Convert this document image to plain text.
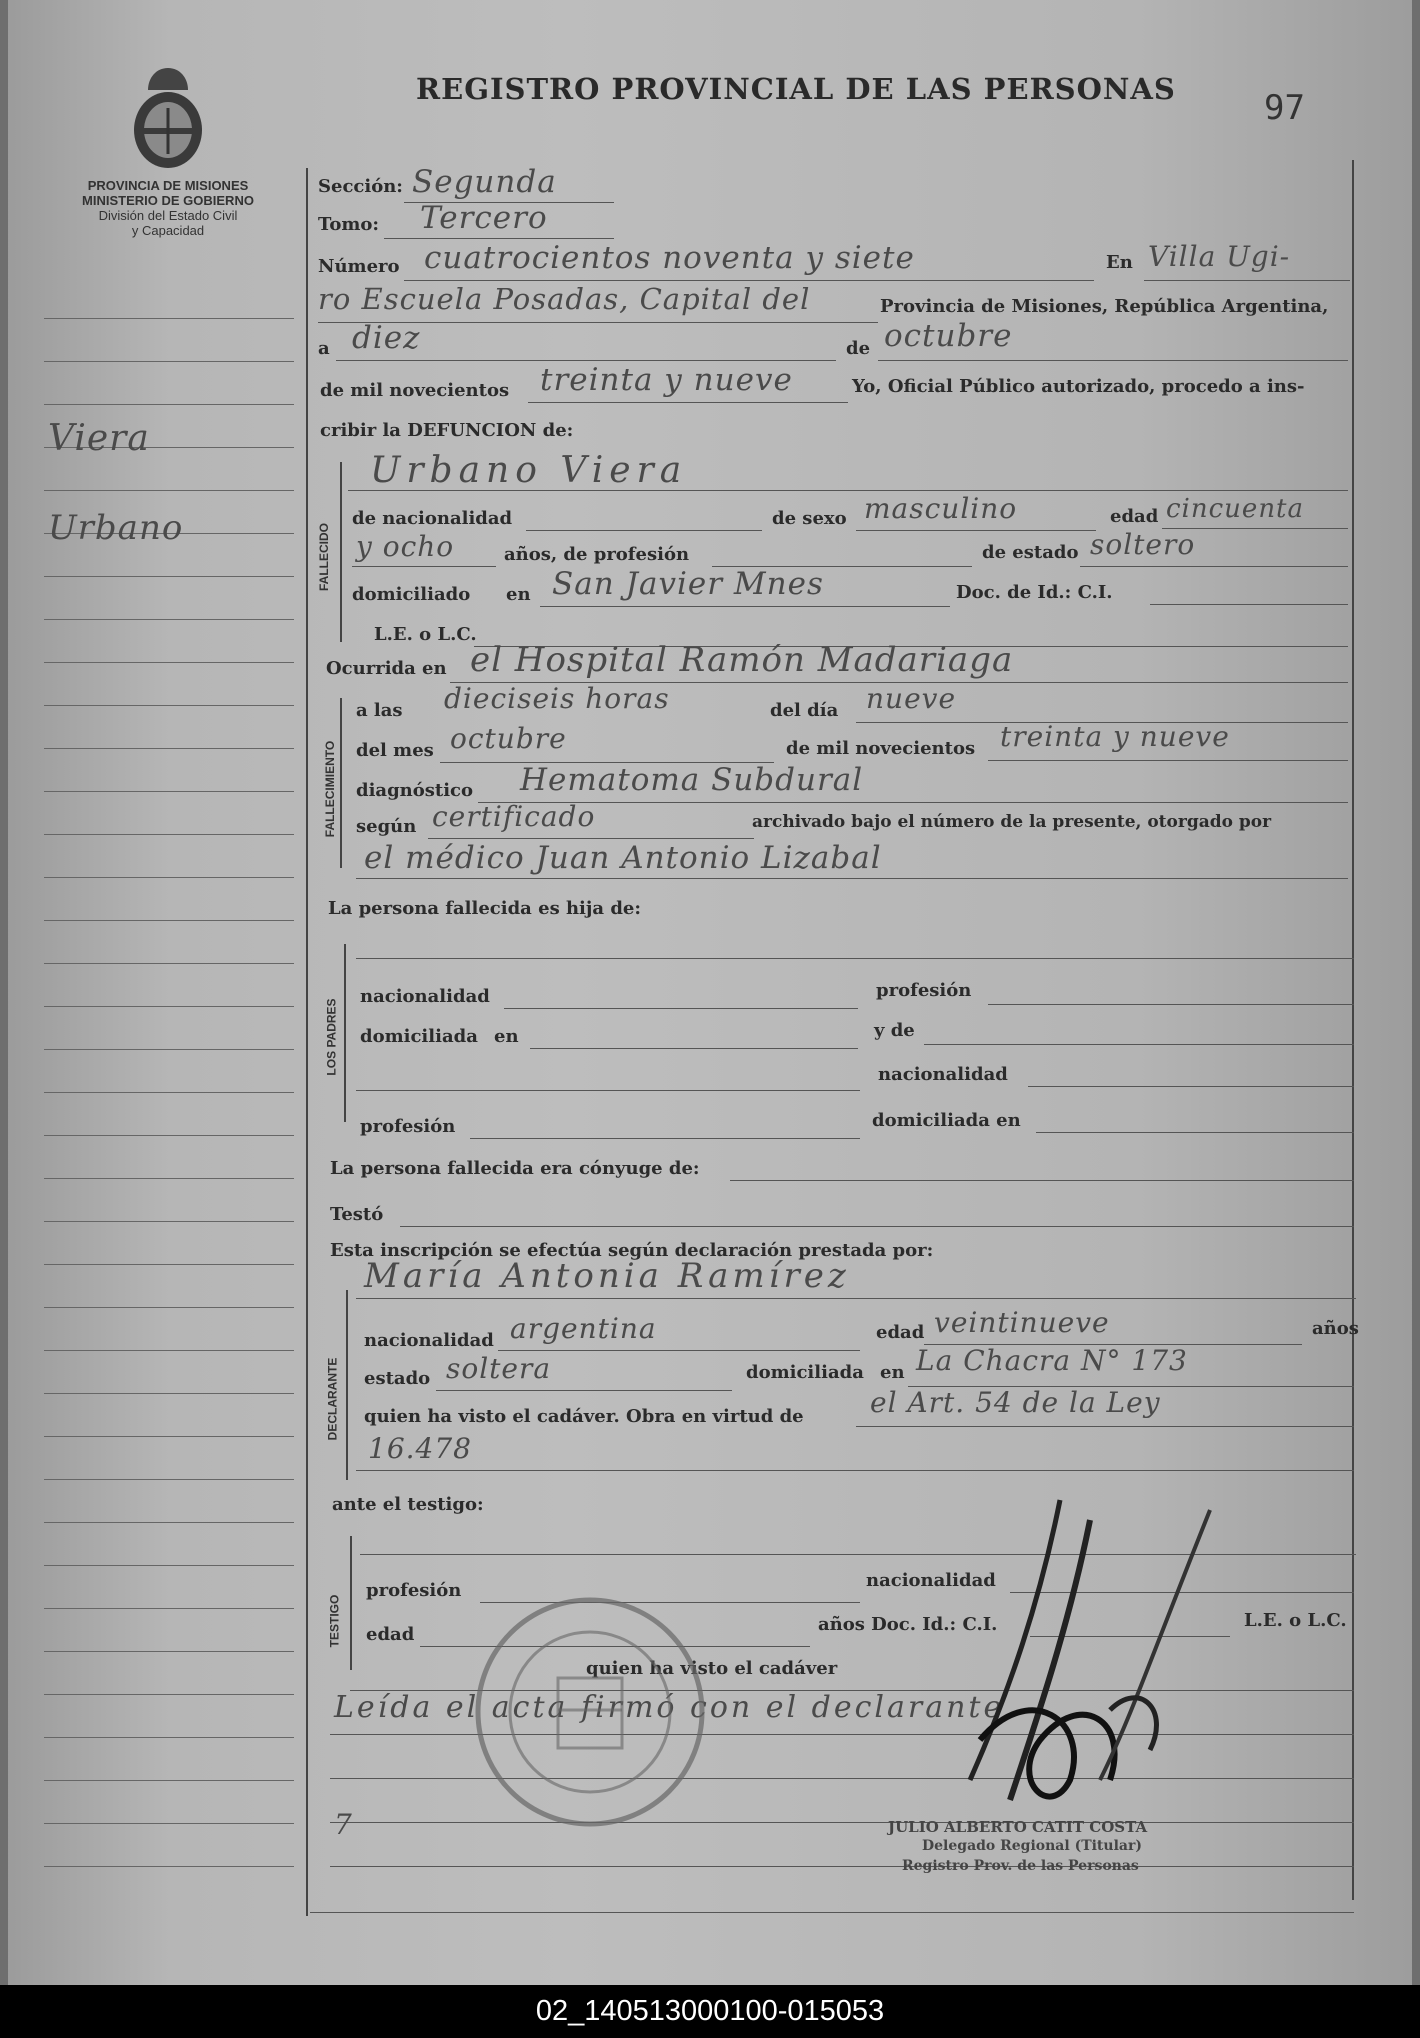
PROVINCIA DE MISIONES
MINISTERIO DE GOBIERNO
División del Estado Civil
y Capacidad
REGISTRO PROVINCIAL DE LAS PERSONAS	97
Viera
Urbano	FALLECIDO
FALLECIMIENTO
LOS PADRES
DECLARANTE
TESTIGO
Sección: Segunda
Tomo: Tercero
Número cuatrocientos noventa y siete	En Villa Ugi-
ro Escuela Posadas, Capital del	Provincia de Misiones, República Argentina,
a diez	de octubre
de mil novecientos treinta y nueve	Yo, Oficial Público autorizado, procedo a ins-
cribir la DEFUNCION de:
Urbano Viera
de nacionalidad	de sexo masculino	edad cincuenta
y ocho	años, de profesión	de estado soltero
domiciliado en San Javier Mnes	Doc. de Id.: C.I.
L.E. o L.C.
Ocurrida en el Hospital Ramón Madariaga
a las dieciseis horas	del día nueve
del mes octubre	de mil novecientos treinta y nueve
diagnóstico Hematoma Subdural
según certificado	archivado bajo el número de la presente, otorgado por
el médico Juan Antonio Lizabal
La persona fallecida es hija de:
nacionalidad	profesión
domiciliada en	y de
nacionalidad
profesión	domiciliada en
La persona fallecida era cónyuge de:
Testó
Esta inscripción se efectúa según declaración prestada por:
María Antonia Ramírez
nacionalidad argentina	edad veintinueve	años
estado soltera	domiciliada en La Chacra N° 173
quien ha visto el cadáver. Obra en virtud de el Art. 54 de la Ley
16.478
ante el testigo:
profesión	nacionalidad
edad	años Doc. Id.: C.I.	L.E. o L.C.
quien ha visto el cadáver
Leída el acta firmó con el declarante
7	JULIO ALBERTO CATIT COSTA
Delegado Regional (Titular)
Registro Prov. de las Personas
02_140513000100-015053
